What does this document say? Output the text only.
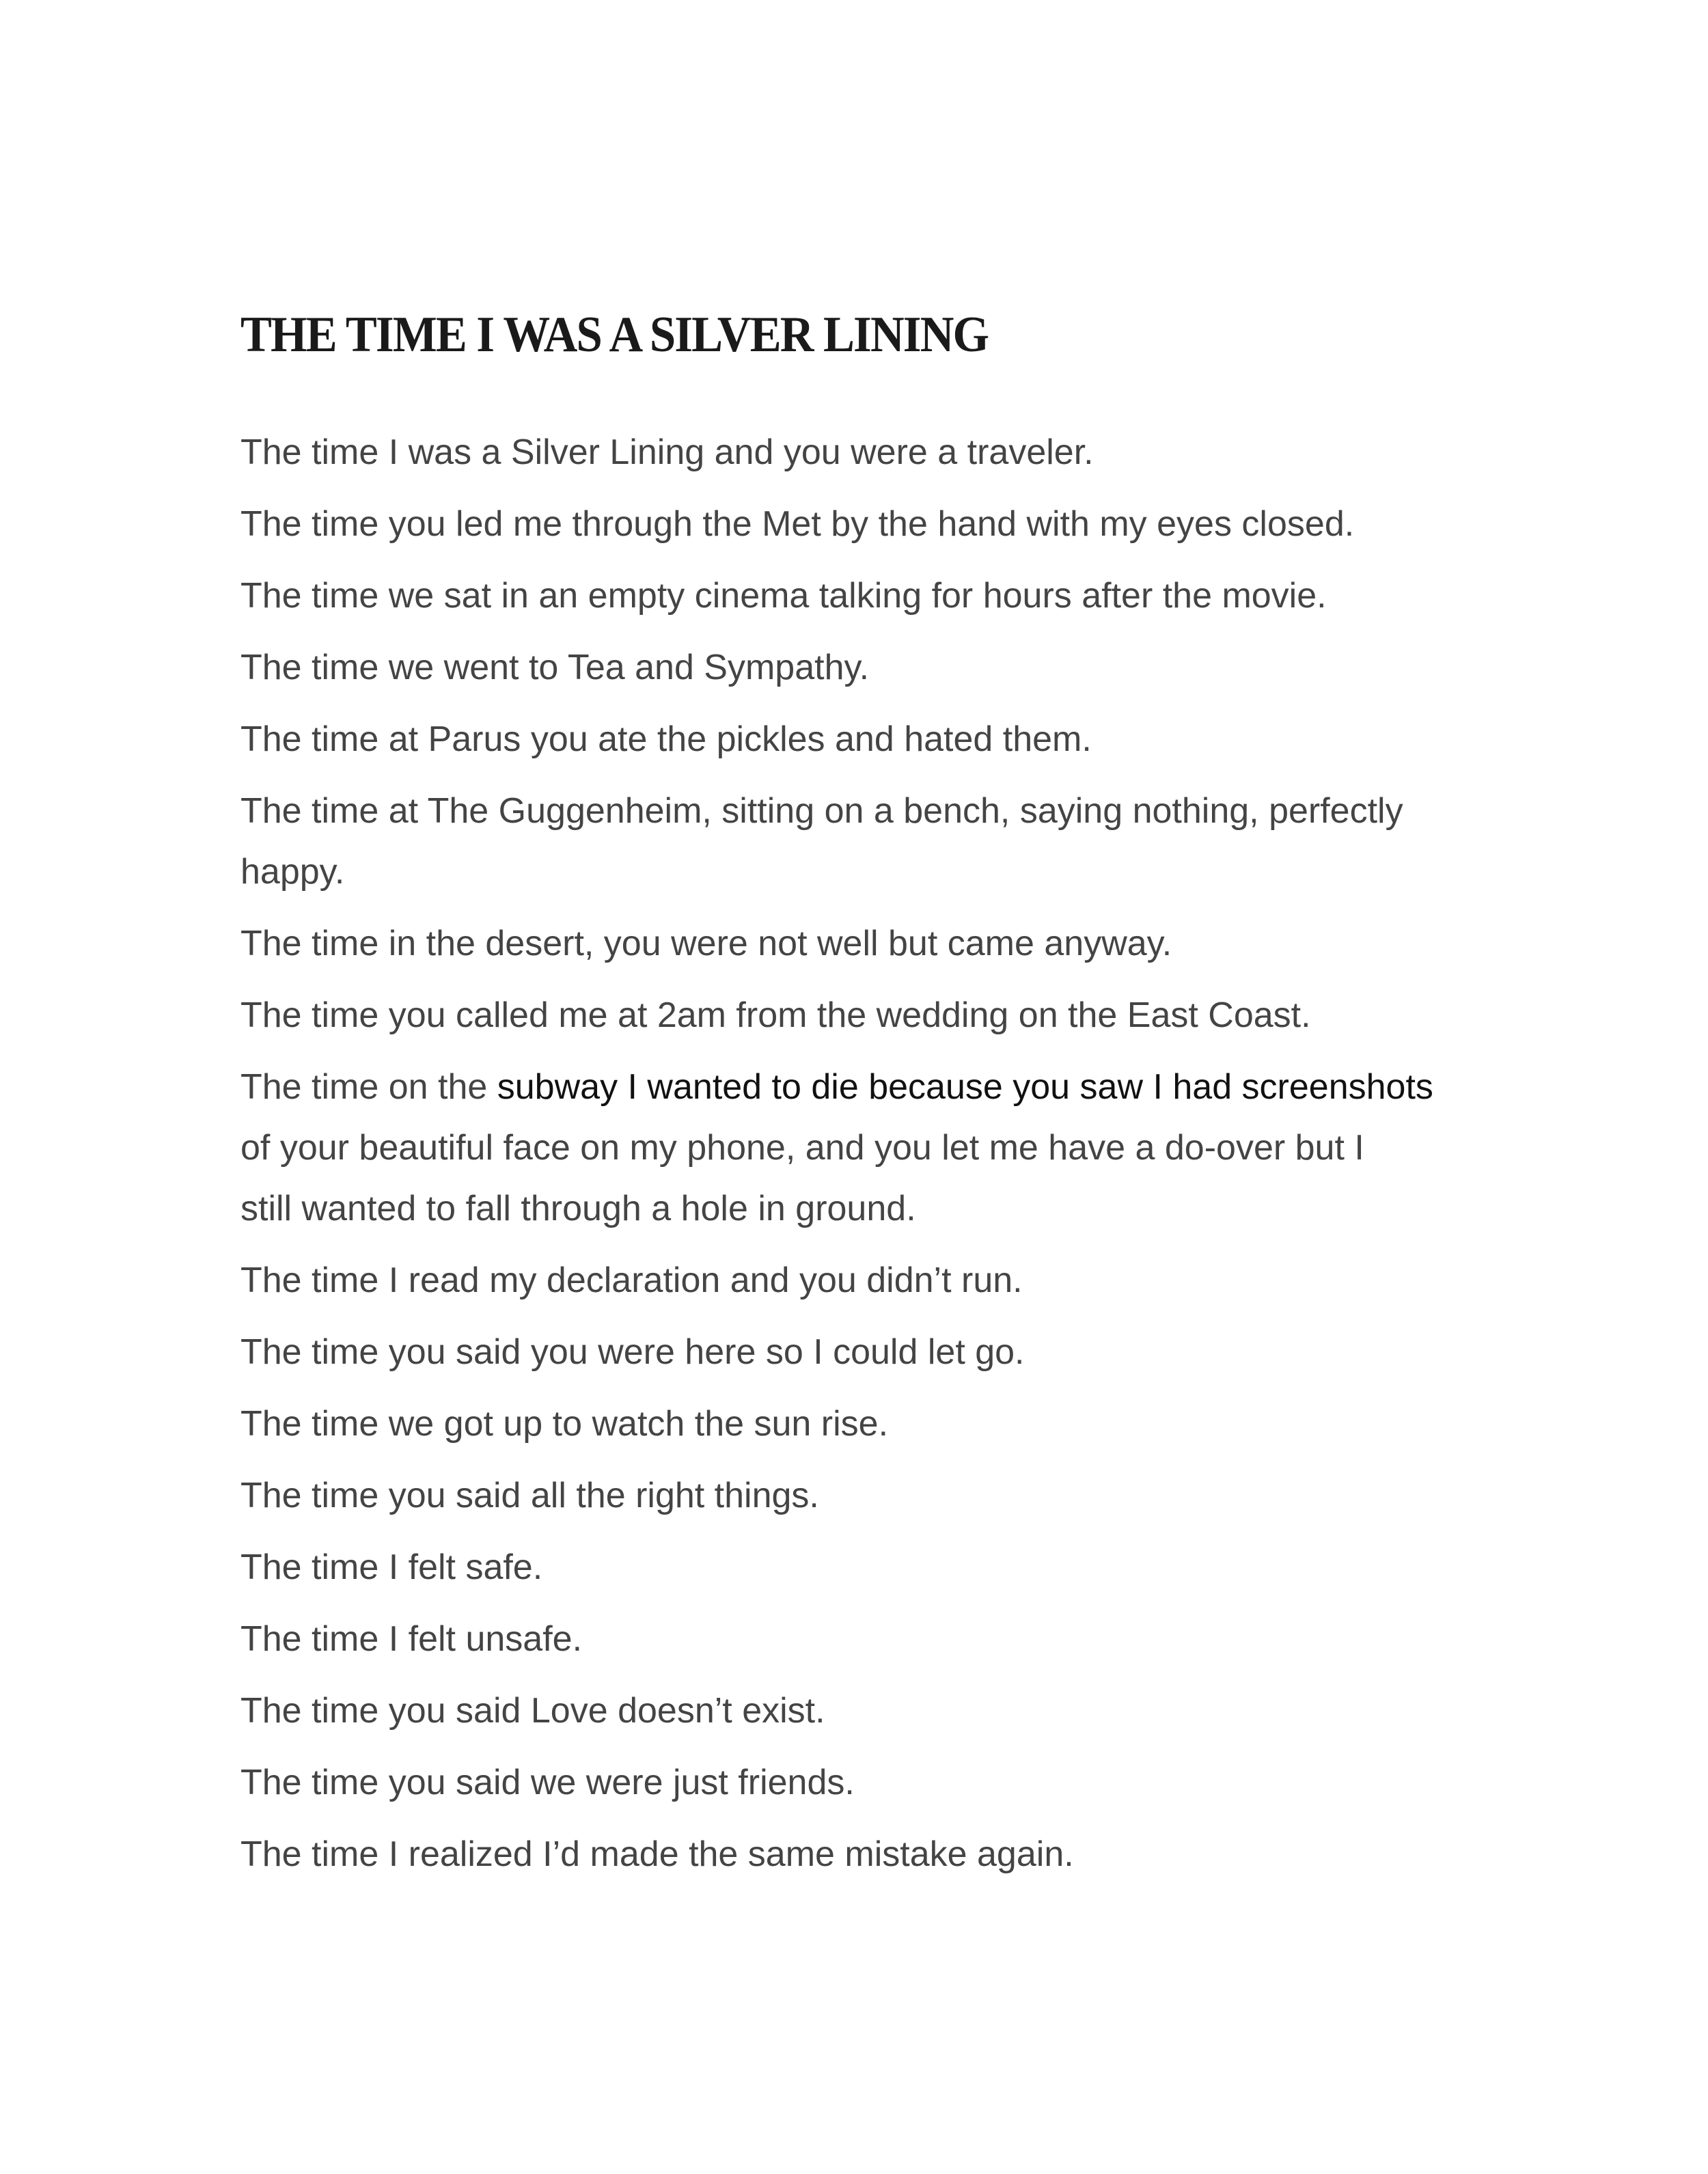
THE TIME I WAS A SILVER LINING
The time I was a Silver Lining and you were a traveler.
The time you led me through the Met by the hand with my eyes closed.
The time we sat in an empty cinema talking for hours after the movie.
The time we went to Tea and Sympathy.
The time at Parus you ate the pickles and hated them.
The time at The Guggenheim, sitting on a bench, saying nothing, perfectly
happy.
The time in the desert, you were not well but came anyway.
The time you called me at 2am from the wedding on the East Coast.
The time on the subway I wanted to die because you saw I had screenshots
of your beautiful face on my phone, and you let me have a do-over but I
still wanted to fall through a hole in ground.
The time I read my declaration and you didn’t run.
The time you said you were here so I could let go.
The time we got up to watch the sun rise.
The time you said all the right things.
The time I felt safe.
The time I felt unsafe.
The time you said Love doesn’t exist.
The time you said we were just friends.
The time I realized I’d made the same mistake again.
